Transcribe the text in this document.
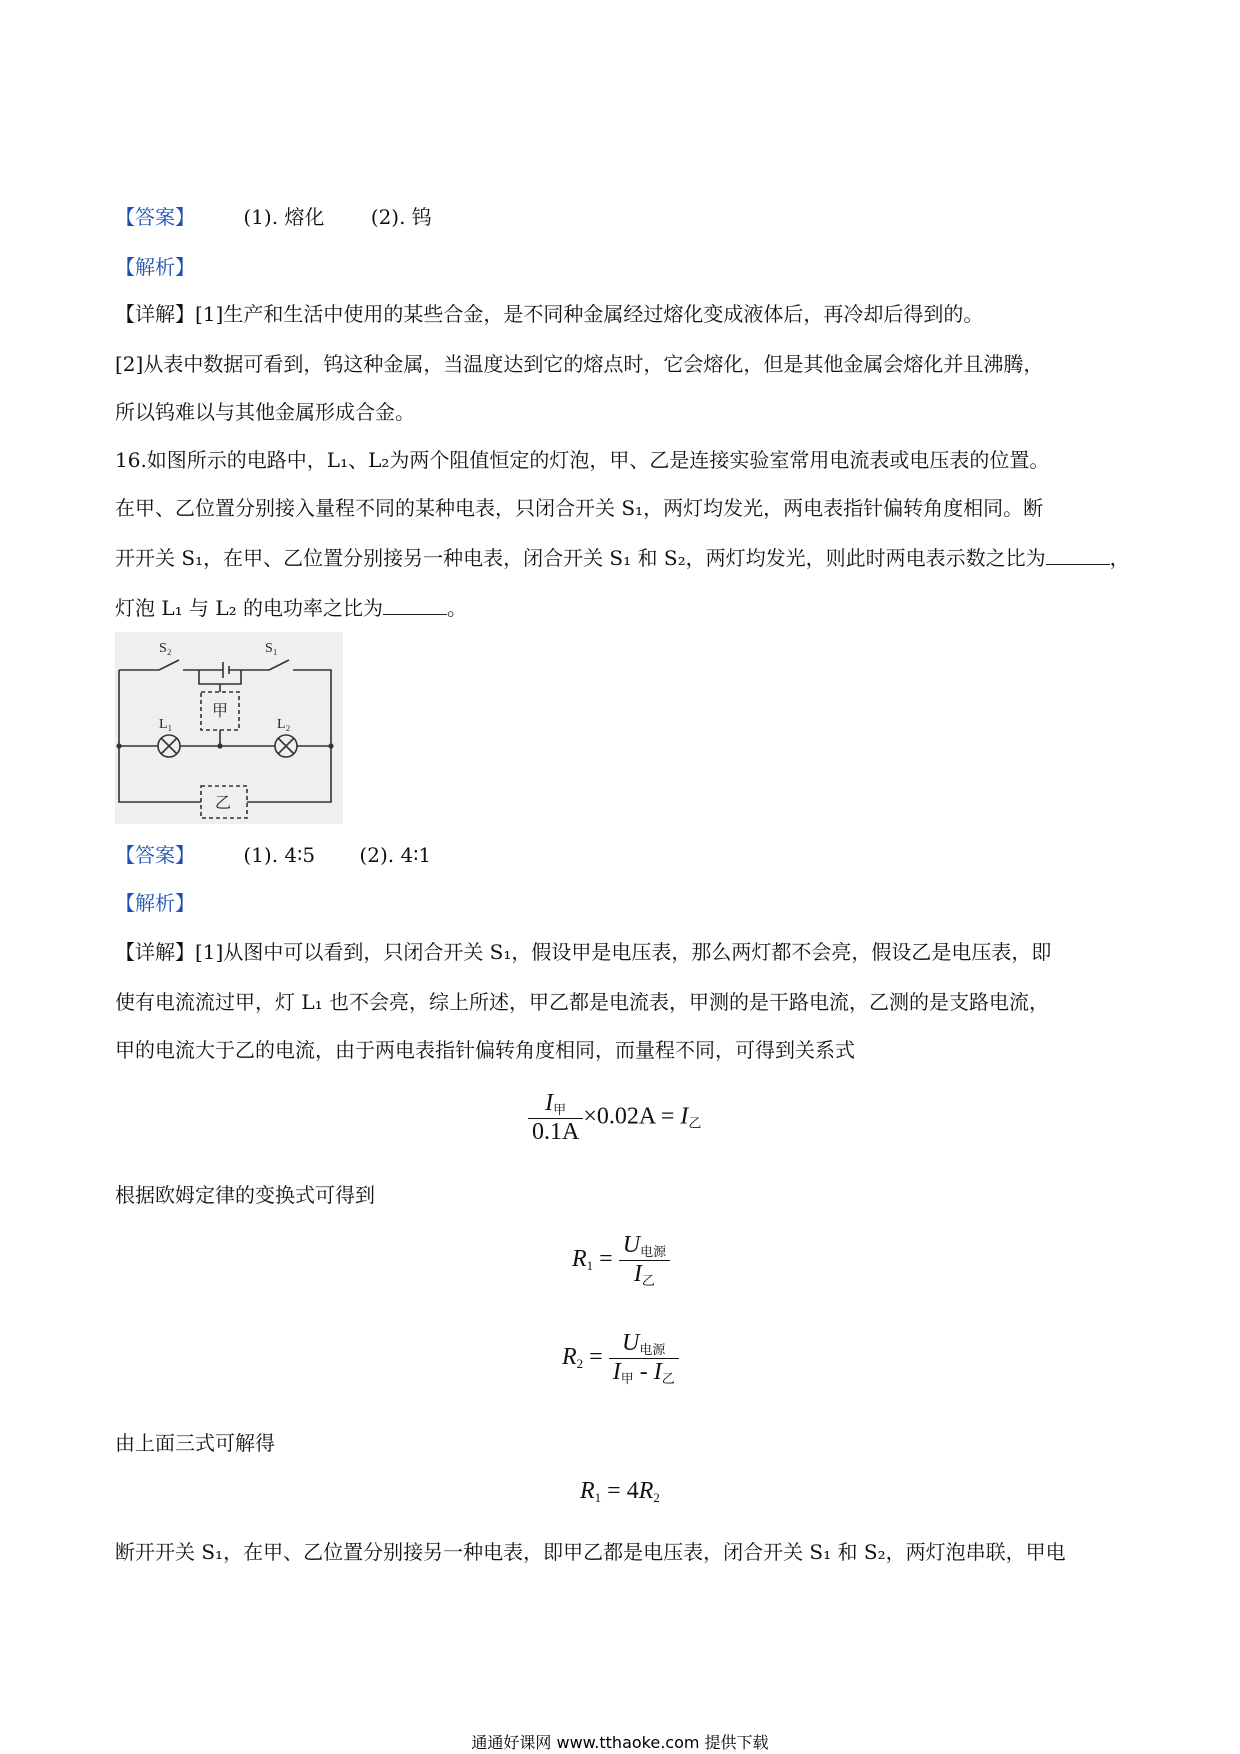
【答案】 (1). 熔化 (2). 钨
【解析】
【详解】[1]生产和生活中使用的某些合金，是不同种金属经过熔化变成液体后，再冷却后得到的。
[2]从表中数据可看到，钨这种金属，当温度达到它的熔点时，它会熔化，但是其他金属会熔化并且沸腾，
所以钨难以与其他金属形成合金。
16.如图所示的电路中，L₁、L₂为两个阻值恒定的灯泡，甲、乙是连接实验室常用电流表或电压表的位置。
在甲、乙位置分别接入量程不同的某种电表，只闭合开关 S₁，两灯均发光，两电表指针偏转角度相同。断
开开关 S₁，在甲、乙位置分别接另一种电表，闭合开关 S₁ 和 S₂，两灯均发光，则此时两电表示数之比为	，
灯泡 L₁ 与 L₂ 的电功率之比为	。
S₂	S₁
L₁	L₂
甲
乙
【答案】 (1). 4∶5 (2). 4∶1
【解析】
【详解】[1]从图中可以看到，只闭合开关 S₁，假设甲是电压表，那么两灯都不会亮，假设乙是电压表，即
使有电流流过甲，灯 L₁ 也不会亮，综上所述，甲乙都是电流表，甲测的是干路电流，乙测的是支路电流，
甲的电流大于乙的电流，由于两电表指针偏转角度相同，而量程不同，可得到关系式
$\frac{I_甲}{0.1A} \times 0.02A = I_乙$
根据欧姆定律的变换式可得到
$R_1 = \frac{U_{电源}}{I_乙}$
$R_2 = \frac{U_{电源}}{I_甲 - I_乙}$
由上面三式可解得
$R_1 = 4R_2$
断开开关 S₁，在甲、乙位置分别接另一种电表，即甲乙都是电压表，闭合开关 S₁ 和 S₂，两灯泡串联，甲电
通通好课网 www.tthaoke.com 提供下载
